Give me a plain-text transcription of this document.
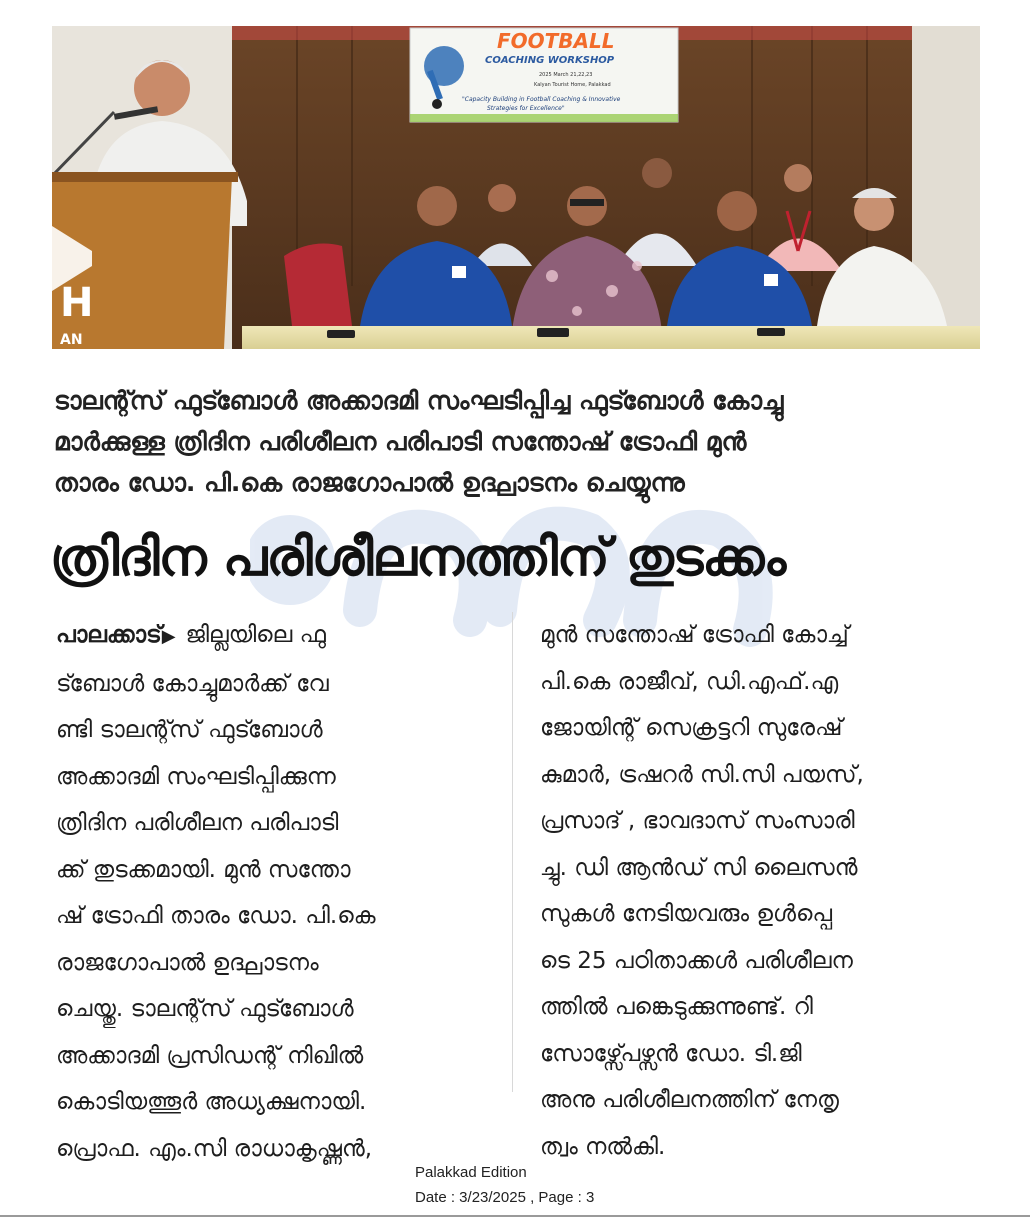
FOOTBALL
COACHING WORKSHOP
2025 March 21,22,23
Kalyan Tourist Home, Palakkad
"Capacity Building in Football Coaching & Innovative
Strategies for Excellence"
H
AN
ടാലന്റ്സ് ഫുട്ബോൾ അക്കാദമി സംഘടിപ്പിച്ച ഫുട്ബോൾ കോച്ചു
മാർക്കുള്ള ത്രിദിന പരിശീലന പരിപാടി സന്തോഷ് ട്രോഫി മുൻ
താരം ഡോ. പി.കെ രാജഗോപാൽ ഉദ്ഘാടനം ചെയ്യുന്നു
ത്രിദിന പരിശീലനത്തിന് തുടക്കം
പാലക്കാട്▶ ജില്ലയിലെ ഫു
ട്ബോൾ കോച്ചുമാർക്ക് വേ
ണ്ടി ടാലന്റ്സ് ഫുട്ബോൾ
അക്കാദമി സംഘടിപ്പിക്കുന്ന
ത്രിദിന പരിശീലന പരിപാടി
ക്ക് തുടക്കമായി. മുൻ സന്തോ
ഷ് ട്രോഫി താരം ഡോ. പി.കെ
രാജഗോപാൽ ഉദ്ഘാടനം
ചെയ്തു. ടാലന്റ്സ് ഫുട്ബോൾ
അക്കാദമി പ്രസിഡന്റ് നിഖിൽ
കൊടിയത്തൂർ അധ്യക്ഷനായി.
പ്രൊഫ. എം.സി രാധാകൃഷ്ണൻ,
മുൻ സന്തോഷ് ട്രോഫി കോച്ച്
പി.കെ രാജീവ്, ഡി.എഫ്.എ
ജോയിന്റ് സെക്രട്ടറി സുരേഷ്
കുമാർ, ട്രഷറർ സി.സി പയസ്,
പ്രസാദ് , ഭാവദാസ് സംസാരി
ച്ചു. ഡി ആൻഡ് സി ലൈസൻ
സുകൾ നേടിയവരും ഉൾപ്പെ
ടെ 25 പഠിതാക്കൾ പരിശീലന
ത്തിൽ പങ്കെടുക്കുന്നുണ്ട്. റി
സോഴ്സ്പേഴ്സൻ ഡോ. ടി.ജി
അനു പരിശീലനത്തിന് നേതൃ
ത്വം നൽകി.
Palakkad Edition
Date : 3/23/2025 , Page : 3
